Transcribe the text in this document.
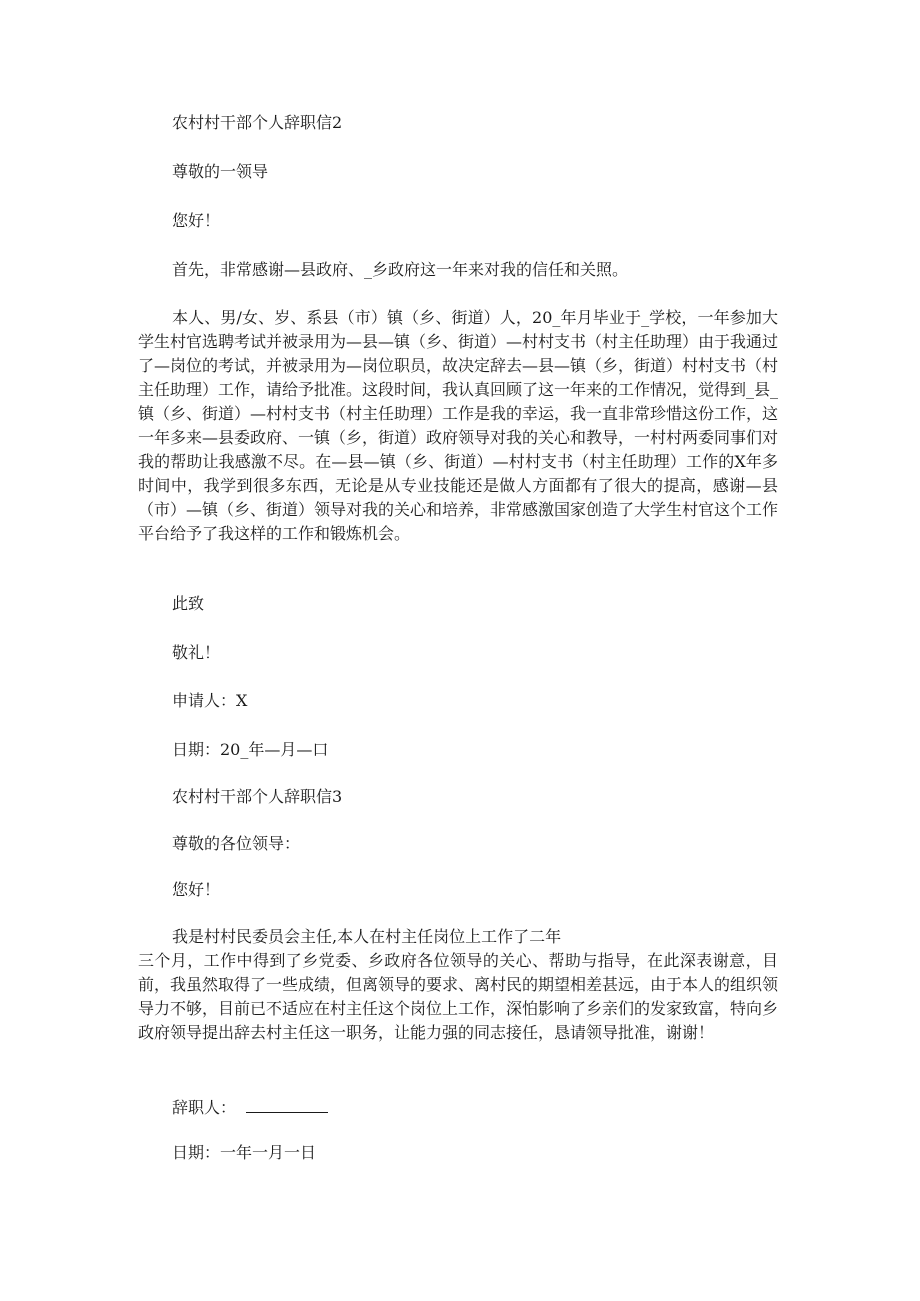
农村村干部个人辞职信2
尊敬的一领导
您好！
首先，非常感谢—县政府、_乡政府这一年来对我的信任和关照。

本人、男/女、岁、系县（市）镇（乡、街道）人，20_年月毕业于_学校，一年参加大学生村官选聘考试并被录用为—县—镇（乡、街道）—村村支书（村主任助理）由于我通过了—岗位的考试，并被录用为—岗位职员，故决定辞去—县—镇（乡，街道）村村支书（村主任助理）工作，请给予批准。这段时间，我认真回顾了这一年来的工作情况，觉得到_县_镇（乡、街道）—村村支书（村主任助理）工作是我的幸运，我一直非常珍惜这份工作，这一年多来—县委政府、一镇（乡，街道）政府领导对我的关心和教导，一村村两委同事们对我的帮助让我感激不尽。在—县—镇（乡、街道）—村村支书（村主任助理）工作的X年多时间中，我学到很多东西，无论是从专业技能还是做人方面都有了很大的提高，感谢—县（市）—镇（乡、街道）领导对我的关心和培养，非常感激国家创造了大学生村官这个工作平台给予了我这样的工作和锻炼机会。

此致
敬礼！
申请人：X
日期：20_年—月—口
农村村干部个人辞职信3
尊敬的各位领导：
您好！
我是村村民委员会主任,本人在村主任岗位上工作了二年
三个月，工作中得到了乡党委、乡政府各位领导的关心、帮助与指导，在此深表谢意，目前，我虽然取得了一些成绩，但离领导的要求、离村民的期望相差甚远，由于本人的组织领导力不够，目前已不适应在村主任这个岗位上工作，深怕影响了乡亲们的发家致富，特向乡政府领导提出辞去村主任这一职务，让能力强的同志接任，恳请领导批准，谢谢！
辞职人：
日期：一年一月一日
